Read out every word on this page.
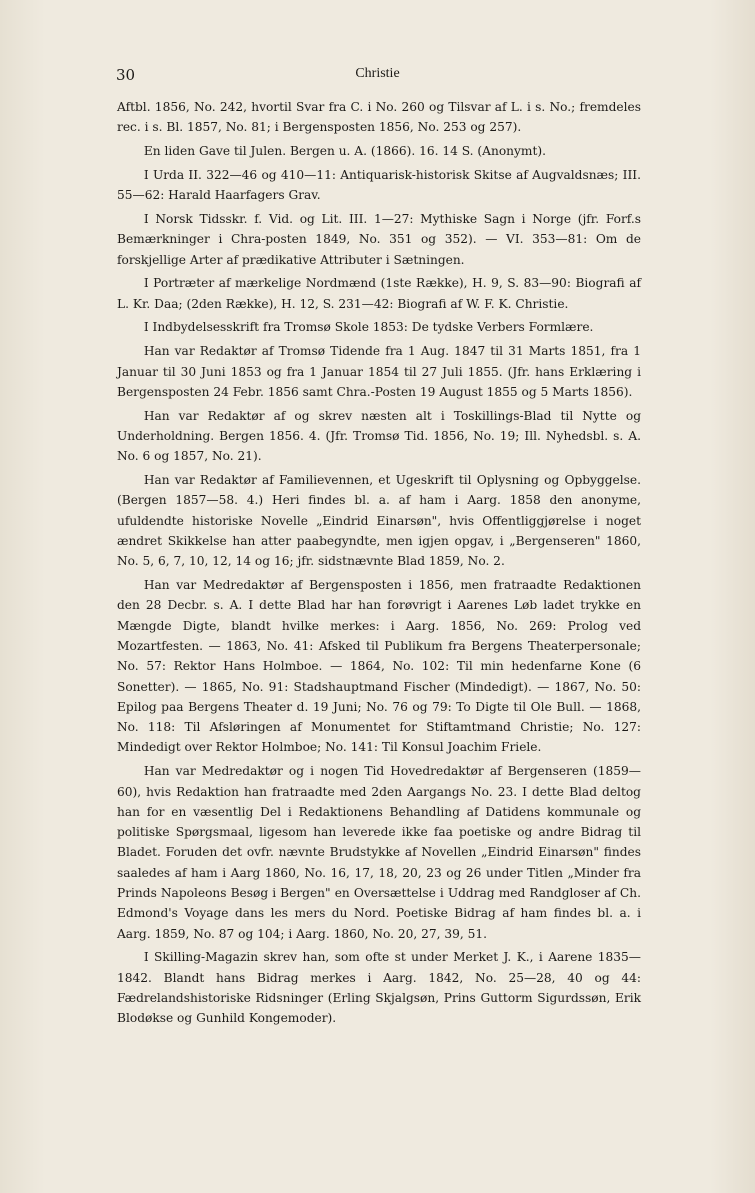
30	Christie

Aftbl. 1856, No. 242, hvortil Svar fra C. i No. 260 og Tilsvar af L. i s. No.; fremdeles rec. i s. Bl. 1857, No. 81; i Bergensposten 1856, No. 253 og 257).

En liden Gave til Julen. Bergen u. A. (1866). 16. 14 S. (Anonymt).

I Urda II. 322—46 og 410—11: Antiquarisk-historisk Skitse af Augvaldsnæs; III. 55—62: Harald Haarfagers Grav.

I Norsk Tidsskr. f. Vid. og Lit. III. 1—27: Mythiske Sagn i Norge (jfr. Forf.s Bemærkninger i Chra-posten 1849, No. 351 og 352). — VI. 353—81: Om de forskjellige Arter af prædikative Attributer i Sætningen.

I Portræter af mærkelige Nordmænd (1ste Række), H. 9, S. 83—90: Biografi af L. Kr. Daa; (2den Række), H. 12, S. 231—42: Biografi af W. F. K. Christie.

I Indbydelsesskrift fra Tromsø Skole 1853: De tydske Verbers Formlære.

Han var Redaktør af Tromsø Tidende fra 1 Aug. 1847 til 31 Marts 1851, fra 1 Januar til 30 Juni 1853 og fra 1 Januar 1854 til 27 Juli 1855. (Jfr. hans Erklæring i Bergensposten 24 Febr. 1856 samt Chra.-Posten 19 August 1855 og 5 Marts 1856).

Han var Redaktør af og skrev næsten alt i Toskillings-Blad til Nytte og Underholdning. Bergen 1856. 4. (Jfr. Tromsø Tid. 1856, No. 19; Ill. Nyhedsbl. s. A. No. 6 og 1857, No. 21).

Han var Redaktør af Familievennen, et Ugeskrift til Oplysning og Opbyggelse. (Bergen 1857—58. 4.) Heri findes bl. a. af ham i Aarg. 1858 den anonyme, ufuldendte historiske Novelle „Eindrid Einarsøn", hvis Offentliggjørelse i noget ændret Skikkelse han atter paabegyndte, men igjen opgav, i „Bergenseren" 1860, No. 5, 6, 7, 10, 12, 14 og 16; jfr. sidstnævnte Blad 1859, No. 2.

Han var Medredaktør af Bergensposten i 1856, men fratraadte Redaktionen den 28 Decbr. s. A. I dette Blad har han forøvrigt i Aarenes Løb ladet trykke en Mængde Digte, blandt hvilke merkes: i Aarg. 1856, No. 269: Prolog ved Mozartfesten. — 1863, No. 41: Afsked til Publikum fra Bergens Theaterpersonale; No. 57: Rektor Hans Holmboe. — 1864, No. 102: Til min hedenfarne Kone (6 Sonetter). — 1865, No. 91: Stadshauptmand Fischer (Mindedigt). — 1867, No. 50: Epilog paa Bergens Theater d. 19 Juni; No. 76 og 79: To Digte til Ole Bull. — 1868, No. 118: Til Afsløringen af Monumentet for Stiftamtmand Christie; No. 127: Mindedigt over Rektor Holmboe; No. 141: Til Konsul Joachim Friele.

Han var Medredaktør og i nogen Tid Hovedredaktør af Bergenseren (1859—60), hvis Redaktion han fratraadte med 2den Aargangs No. 23. I dette Blad deltog han for en væsentlig Del i Redaktionens Behandling af Datidens kommunale og politiske Spørgsmaal, ligesom han leverede ikke faa poetiske og andre Bidrag til Bladet. Foruden det ovfr. nævnte Brudstykke af Novellen „Eindrid Einarsøn" findes saaledes af ham i Aarg 1860, No. 16, 17, 18, 20, 23 og 26 under Titlen „Minder fra Prinds Napoleons Besøg i Bergen" en Oversættelse i Uddrag med Randgloser af Ch. Edmond's Voyage dans les mers du Nord. Poetiske Bidrag af ham findes bl. a. i Aarg. 1859, No. 87 og 104; i Aarg. 1860, No. 20, 27, 39, 51.

I Skilling-Magazin skrev han, som ofte st under Merket J. K., i Aarene 1835—1842. Blandt hans Bidrag merkes i Aarg. 1842, No. 25—28, 40 og 44: Fædrelandshistoriske Ridsninger (Erling Skjalgsøn, Prins Guttorm Sigurdssøn, Erik Blodøkse og Gunhild Kongemoder).
